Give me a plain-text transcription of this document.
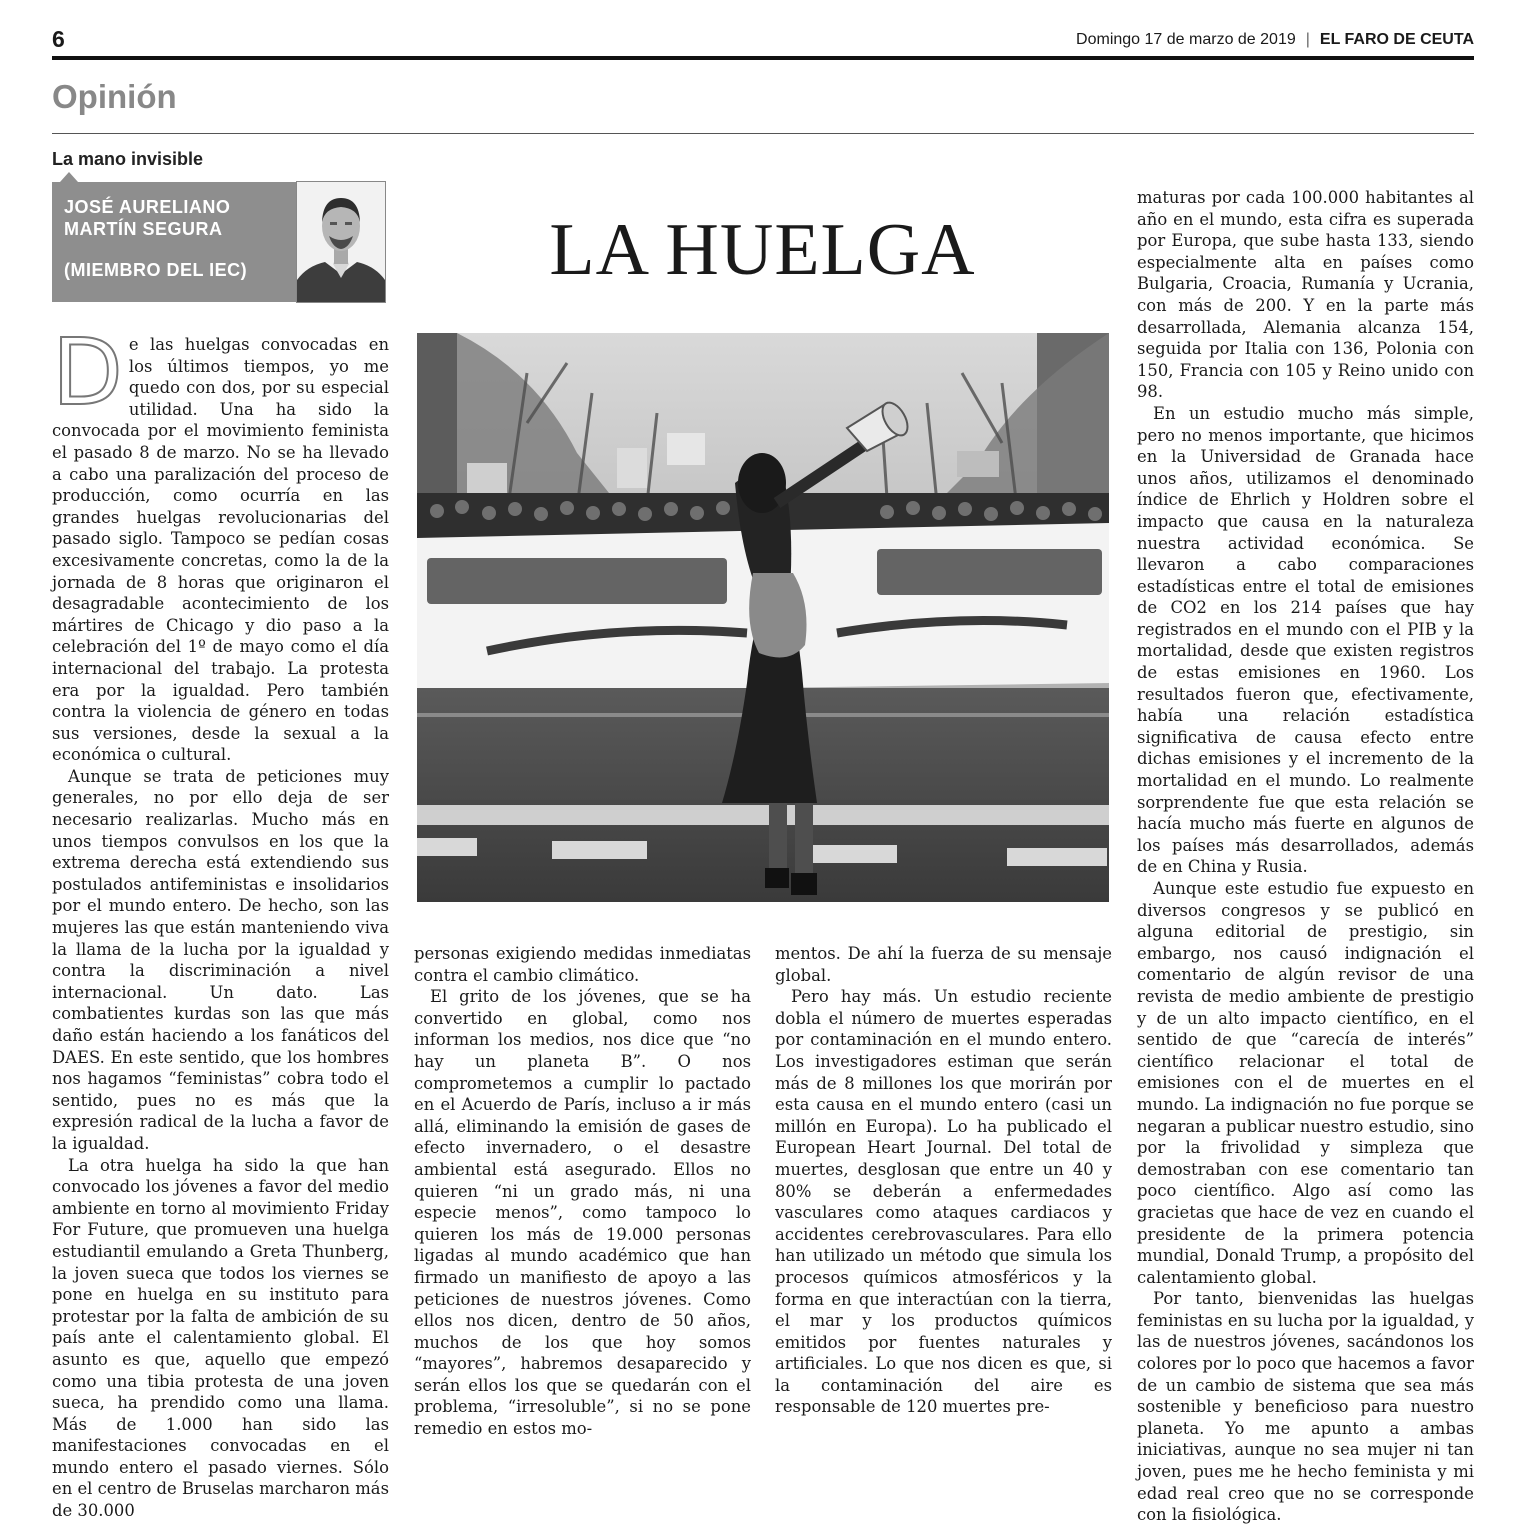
6	Domingo 17 de marzo de 2019 | EL FARO DE CEUTA
Opinión
La mano invisible
JOSÉ AURELIANO
MARTÍN SEGURA
(MIEMBRO DEL IEC)	LA HUELGA

De las huelgas convocadas en los últimos tiempos, yo me quedo con dos, por su especial utilidad. Una ha sido la convocada por el movimiento feminista el pasado 8 de marzo. No se ha llevado a cabo una paralización del proceso de producción, como ocurría en las grandes huelgas revolucionarias del pasado siglo. Tampoco se pedían cosas excesivamente concretas, como la de la jornada de 8 horas que originaron el desagradable acontecimiento de los mártires de Chicago y dio paso a la celebración del 1º de mayo como el día internacional del trabajo. La protesta era por la igualdad. Pero también contra la violencia de género en todas sus versiones, desde la sexual a la económica o cultural.

Aunque se trata de peticiones muy generales, no por ello deja de ser necesario realizarlas. Mucho más en unos tiempos convulsos en los que la extrema derecha está extendiendo sus postulados antifeministas e insolidarios por el mundo entero. De hecho, son las mujeres las que están manteniendo viva la llama de la lucha por la igualdad y contra la discriminación a nivel internacional. Un dato. Las combatientes kurdas son las que más daño están haciendo a los fanáticos del DAES. En este sentido, que los hombres nos hagamos “feministas” cobra todo el sentido, pues no es más que la expresión radical de la lucha a favor de la igualdad.

La otra huelga ha sido la que han convocado los jóvenes a favor del medio ambiente en torno al movimiento Friday For Future, que promueven una huelga estudiantil emulando a Greta Thunberg, la joven sueca que todos los viernes se pone en huelga en su instituto para protestar por la falta de ambición de su país ante el calentamiento global. El asunto es que, aquello que empezó como una tibia protesta de una joven sueca, ha prendido como una llama. Más de 1.000 han sido las manifestaciones convocadas en el mundo entero el pasado viernes. Sólo en el centro de Bruselas marcharon más de 30.000

personas exigiendo medidas inmediatas contra el cambio climático.

El grito de los jóvenes, que se ha convertido en global, como nos informan los medios, nos dice que “no hay un planeta B”. O nos comprometemos a cumplir lo pactado en el Acuerdo de París, incluso a ir más allá, eliminando la emisión de gases de efecto invernadero, o el desastre ambiental está asegurado. Ellos no quieren “ni un grado más, ni una especie menos”, como tampoco lo quieren los más de 19.000 personas ligadas al mundo académico que han firmado un manifiesto de apoyo a las peticiones de nuestros jóvenes. Como ellos nos dicen, dentro de 50 años, muchos de los que hoy somos “mayores”, habremos desaparecido y serán ellos los que se quedarán con el problema, “irresoluble”, si no se pone remedio en estos mo-

mentos. De ahí la fuerza de su mensaje global.

Pero hay más. Un estudio reciente dobla el número de muertes esperadas por contaminación en el mundo entero. Los investigadores estiman que serán más de 8 millones los que morirán por esta causa en el mundo entero (casi un millón en Europa). Lo ha publicado el European Heart Journal. Del total de muertes, desglosan que entre un 40 y 80% se deberán a enfermedades vasculares como ataques cardiacos y accidentes cerebrovasculares. Para ello han utilizado un método que simula los procesos químicos atmosféricos y la forma en que interactúan con la tierra, el mar y los productos químicos emitidos por fuentes naturales y artificiales. Lo que nos dicen es que, si la contaminación del aire es responsable de 120 muertes pre-

maturas por cada 100.000 habitantes al año en el mundo, esta cifra es superada por Europa, que sube hasta 133, siendo especialmente alta en países como Bulgaria, Croacia, Rumanía y Ucrania, con más de 200. Y en la parte más desarrollada, Alemania alcanza 154, seguida por Italia con 136, Polonia con 150, Francia con 105 y Reino unido con 98.

En un estudio mucho más simple, pero no menos importante, que hicimos en la Universidad de Granada hace unos años, utilizamos el denominado índice de Ehrlich y Holdren sobre el impacto que causa en la naturaleza nuestra actividad económica. Se llevaron a cabo comparaciones estadísticas entre el total de emisiones de CO2 en los 214 países que hay registrados en el mundo con el PIB y la mortalidad, desde que existen registros de estas emisiones en 1960. Los resultados fueron que, efectivamente, había una relación estadística significativa de causa efecto entre dichas emisiones y el incremento de la mortalidad en el mundo. Lo realmente sorprendente fue que esta relación se hacía mucho más fuerte en algunos de los países más desarrollados, además de en China y Rusia.

Aunque este estudio fue expuesto en diversos congresos y se publicó en alguna editorial de prestigio, sin embargo, nos causó indignación el comentario de algún revisor de una revista de medio ambiente de prestigio y de un alto impacto científico, en el sentido de que “carecía de interés” científico relacionar el total de emisiones con el de muertes en el mundo. La indignación no fue porque se negaran a publicar nuestro estudio, sino por la frivolidad y simpleza que demostraban con ese comentario tan poco científico. Algo así como las gracietas que hace de vez en cuando el presidente de la primera potencia mundial, Donald Trump, a propósito del calentamiento global.

Por tanto, bienvenidas las huelgas feministas en su lucha por la igualdad, y las de nuestros jóvenes, sacándonos los colores por lo poco que hacemos a favor de un cambio de sistema que sea más sostenible y beneficioso para nuestro planeta. Yo me apunto a ambas iniciativas, aunque no sea mujer ni tan joven, pues me he hecho feminista y mi edad real creo que no se corresponde con la fisiológica.
